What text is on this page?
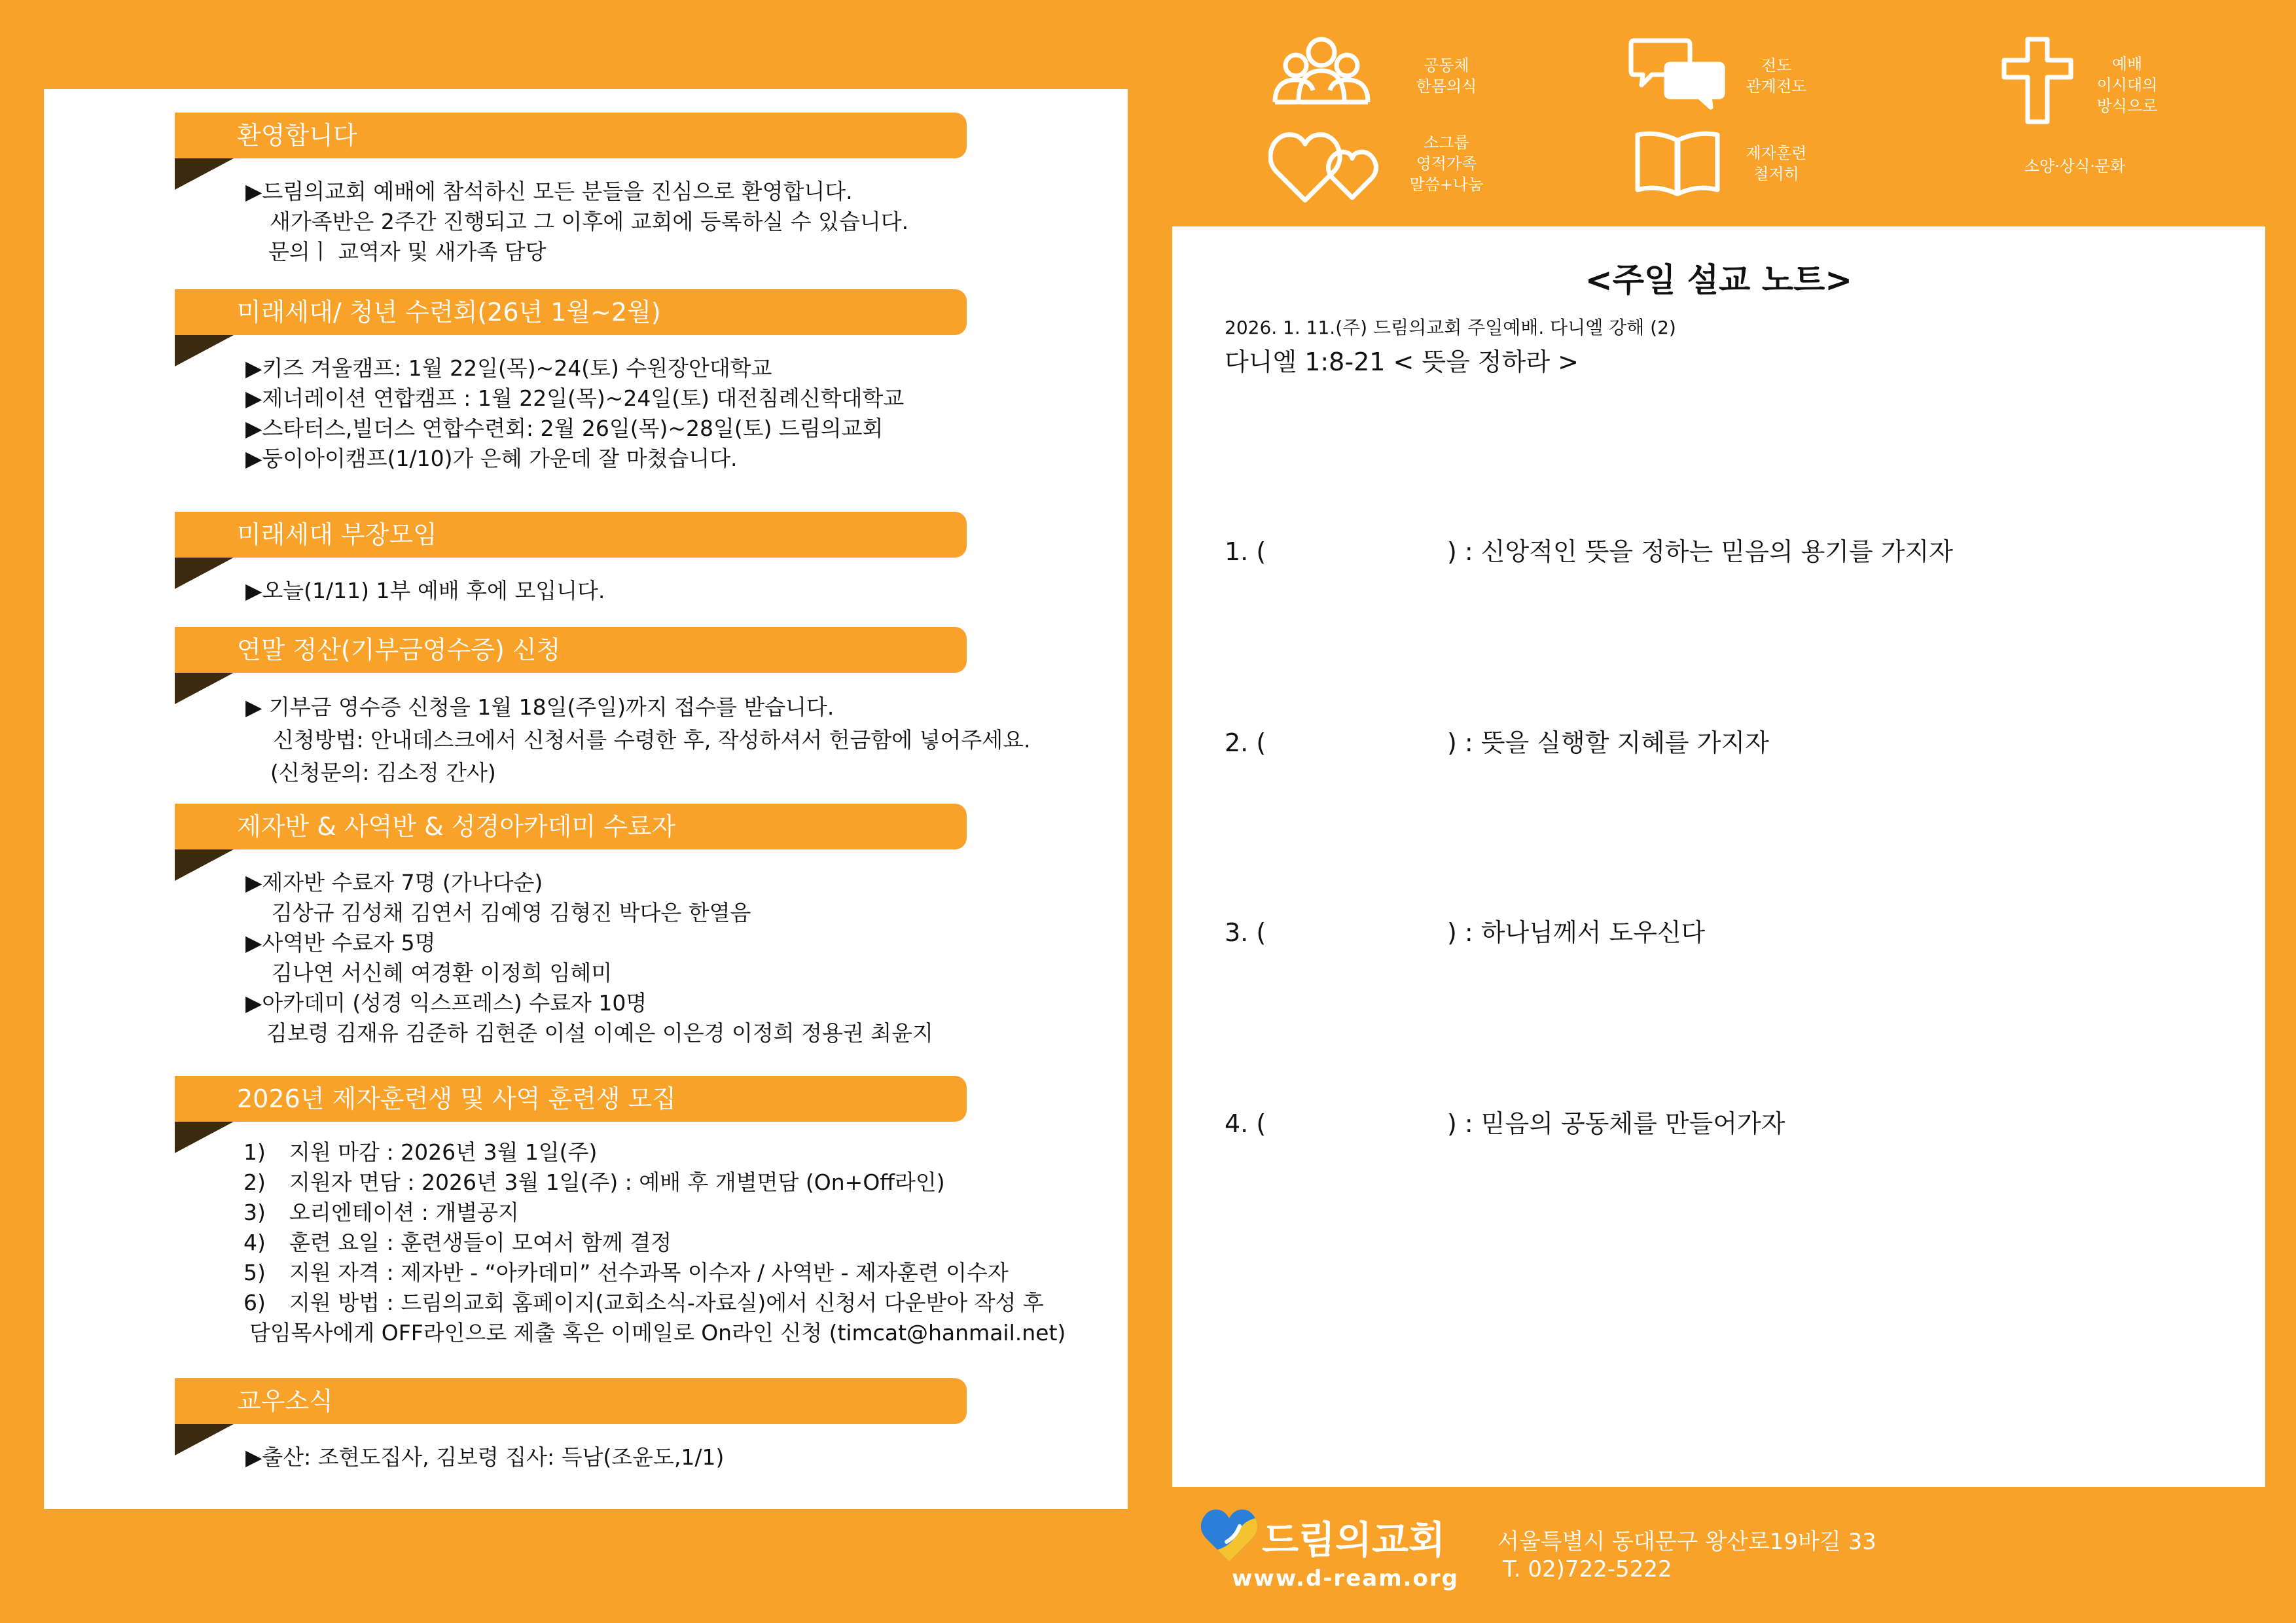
환영합니다
▶드림의교회 예배에 참석하신 모든 분들을 진심으로 환영합니다.
새가족반은 2주간 진행되고 그 이후에 교회에 등록하실 수 있습니다.
문의ㅣ 교역자 및 새가족 담당
미래세대/ 청년 수련회(26년 1월~2월)
▶키즈 겨울캠프: 1월 22일(목)~24(토) 수원장안대학교
▶제너레이션 연합캠프 : 1월 22일(목)~24일(토) 대전침례신학대학교
▶스타터스,빌더스 연합수련회: 2월 26일(목)~28일(토) 드림의교회
▶둥이아이캠프(1/10)가 은혜 가운데 잘 마쳤습니다.
미래세대 부장모임
▶오늘(1/11) 1부 예배 후에 모입니다.
연말 정산(기부금영수증) 신청
▶ 기부금 영수증 신청을 1월 18일(주일)까지 접수를 받습니다.
신청방법: 안내데스크에서 신청서를 수령한 후, 작성하셔서 헌금함에 넣어주세요.
(신청문의: 김소정 간사)
제자반 & 사역반 & 성경아카데미 수료자
▶제자반 수료자 7명 (가나다순)
김상규 김성채 김연서 김예영 김형진 박다은 한열음
▶사역반 수료자 5명
김나연 서신혜 여경환 이정희 임혜미
▶아카데미 (성경 익스프레스) 수료자 10명
김보령 김재유 김준하 김현준 이설 이예은 이은경 이정희 정용권 최윤지
2026년 제자훈련생 및 사역 훈련생 모집
1) 지원 마감 : 2026년 3월 1일(주)
2) 지원자 면담 : 2026년 3월 1일(주) : 예배 후 개별면담 (On+Off라인)
3) 오리엔테이션 : 개별공지
4) 훈련 요일 : 훈련생들이 모여서 함께 결정
5) 지원 자격 : 제자반 - “아카데미” 선수과목 이수자 / 사역반 - 제자훈련 이수자
6) 지원 방법 : 드림의교회 홈페이지(교회소식-자료실)에서 신청서 다운받아 작성 후
담임목사에게 OFF라인으로 제출 혹은 이메일로 On라인 신청 (timcat@hanmail.net)
교우소식
▶출산: 조현도집사, 김보령 집사: 득남(조윤도,1/1)
공동체
한몸의식
전도
관계전도
예배
이시대의
방식으로
소그룹
영적가족
말씀+나눔
제자훈련
철저히	소양·상식·문화
<주일 설교 노트>
2026. 1. 11.(주) 드림의교회 주일예배. 다니엘 강해 (2)
다니엘 1:8-21 < 뜻을 정하라 >
1. (	) : 신앙적인 뜻을 정하는 믿음의 용기를 가지자
2. (	) : 뜻을 실행할 지혜를 가지자
3. (	) : 하나님께서 도우신다
4. (	) : 믿음의 공동체를 만들어가자
드림의교회
www.d-ream.org
서울특별시 동대문구 왕산로19바길 33
T. 02)722-5222
